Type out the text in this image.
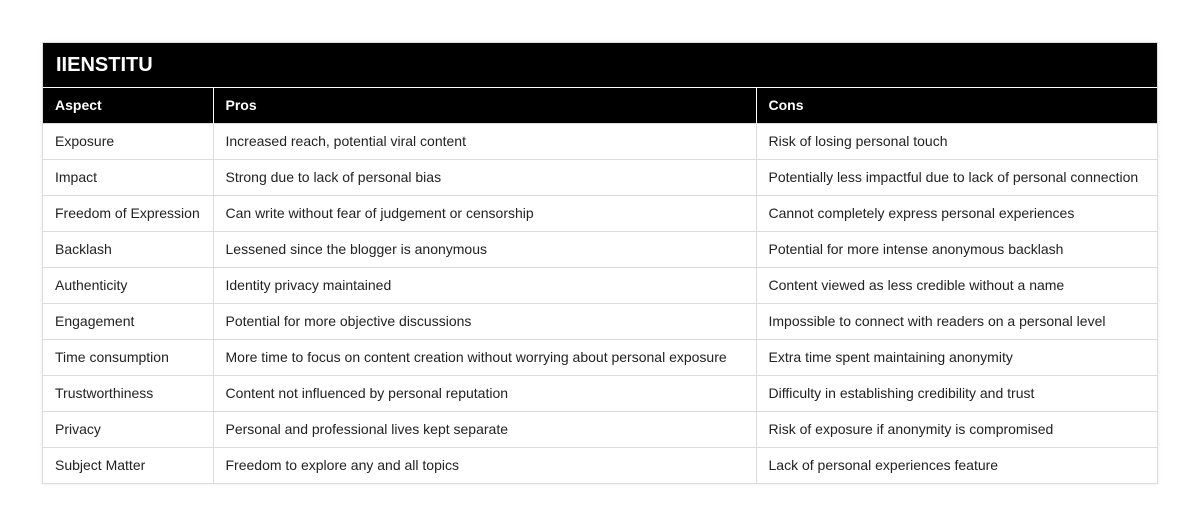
IIENSTITU
Aspect	Pros	Cons
Exposure	Increased reach, potential viral content	Risk of losing personal touch
Impact	Strong due to lack of personal bias	Potentially less impactful due to lack of personal connection
Freedom of Expression	Can write without fear of judgement or censorship	Cannot completely express personal experiences
Backlash	Lessened since the blogger is anonymous	Potential for more intense anonymous backlash
Authenticity	Identity privacy maintained	Content viewed as less credible without a name
Engagement	Potential for more objective discussions	Impossible to connect with readers on a personal level
Time consumption	More time to focus on content creation without worrying about personal exposure	Extra time spent maintaining anonymity
Trustworthiness	Content not influenced by personal reputation	Difficulty in establishing credibility and trust
Privacy	Personal and professional lives kept separate	Risk of exposure if anonymity is compromised
Subject Matter	Freedom to explore any and all topics	Lack of personal experiences feature
